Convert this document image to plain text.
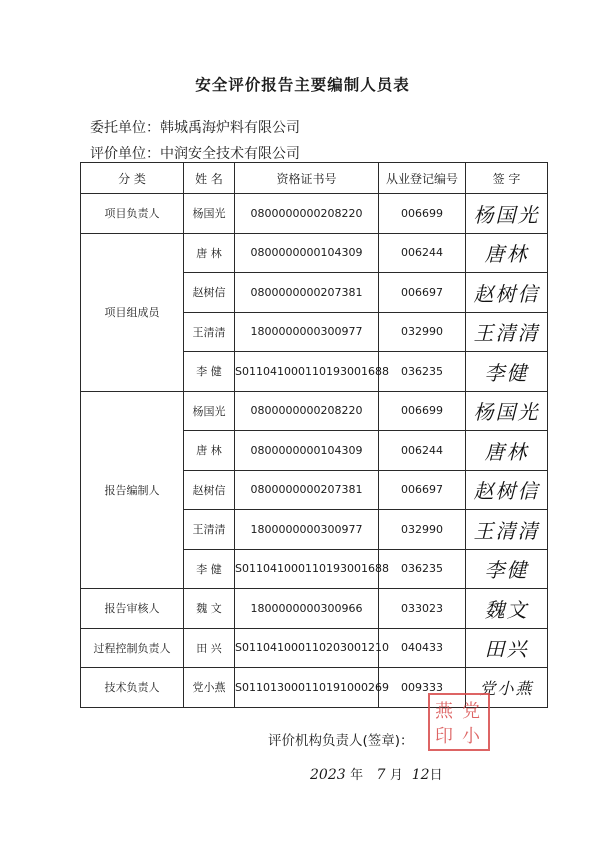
安全评价报告主要编制人员表
委托单位：韩城禹海炉料有限公司
评价单位：中润安全技术有限公司
分 类	姓 名	资格证书号	从业登记编号	签 字
项目负责人	杨国光	0800000000208220	006699	杨国光
项目组成员	唐 林	0800000000104309	006244	唐林
	赵树信	0800000000207381	006697	赵树信
	王清清	1800000000300977	032990	王清清
	李 健	S011041000110193001688	036235	李健
报告编制人	杨国光	0800000000208220	006699	杨国光
	唐 林	0800000000104309	006244	唐林
	赵树信	0800000000207381	006697	赵树信
	王清清	1800000000300977	032990	王清清
	李 健	S011041000110193001688	036235	李健
报告审核人	魏 文	1800000000300966	033023	魏文
过程控制负责人	田 兴	S011041000110203001210	040433	田兴
技术负责人	党小燕	S011013000110191000269	009333	党小燕
评价机构负责人(签章)：
燕 党
印 小
2023 年 7 月 12日
